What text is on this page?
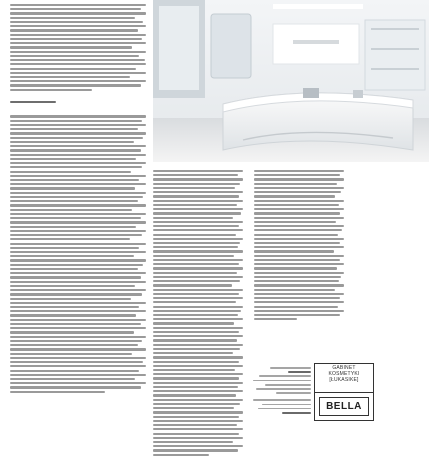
GABINET
KOSMETYKI
[ŁUKASIKE]
BELLA
